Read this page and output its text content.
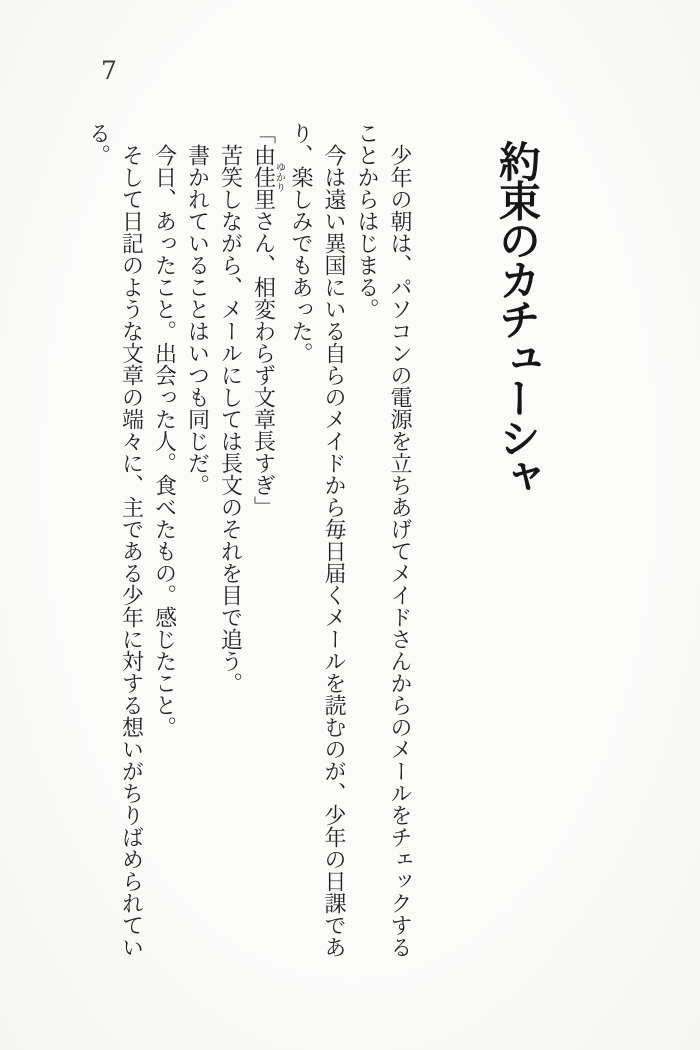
7
約束のカチューシャ

　少年の朝は、パソコンの電源を立ちあげてメイドさんからのメールをチェックすることからはじまる。

　今は遠い異国にいる自らのメイドから毎日届くメールを読むのが、少年の日課であり、楽しみでもあった。

「由佳里ゆかりさん、相変わらず文章長すぎ」

　苦笑しながら、メールにしては長文のそれを目で追う。

　書かれていることはいつも同じだ。

　今日、あったこと。出会った人。食べたもの。感じたこと。

　そして日記のような文章の端々に、主である少年に対する想いがちりばめられている。
